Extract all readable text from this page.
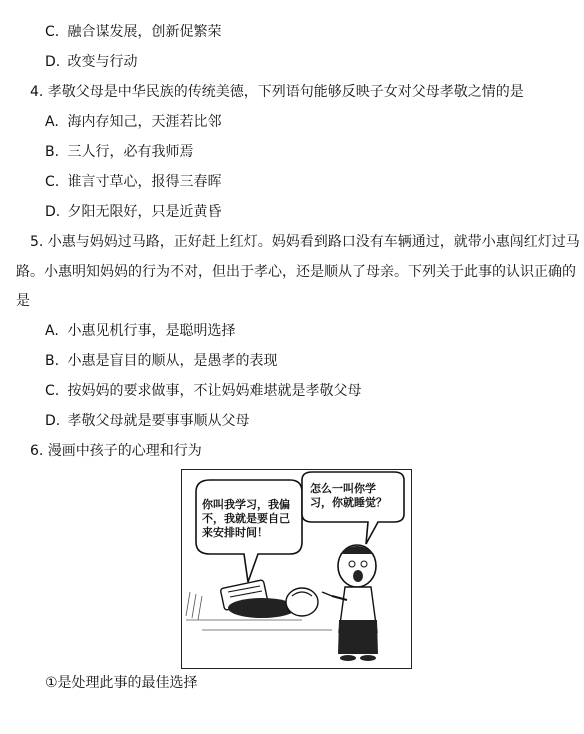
C. 融合谋发展，创新促繁荣
D. 改变与行动
4. 孝敬父母是中华民族的传统美德，下列语句能够反映子女对父母孝敬之情的是
A. 海内存知己，天涯若比邻
B. 三人行，必有我师焉
C. 谁言寸草心，报得三春晖
D. 夕阳无限好，只是近黄昏
5. 小惠与妈妈过马路，正好赶上红灯。妈妈看到路口没有车辆通过，就带小惠闯红灯过马
路。小惠明知妈妈的行为不对，但出于孝心，还是顺从了母亲。下列关于此事的认识正确的
是
A. 小惠见机行事，是聪明选择
B. 小惠是盲目的顺从，是愚孝的表现
C. 按妈妈的要求做事，不让妈妈难堪就是孝敬父母
D. 孝敬父母就是要事事顺从父母
6. 漫画中孩子的心理和行为
你叫我学习，我偏
不，我就是要自己
来安排时间！
怎么一叫你学
习，你就睡觉？
①是处理此事的最佳选择
